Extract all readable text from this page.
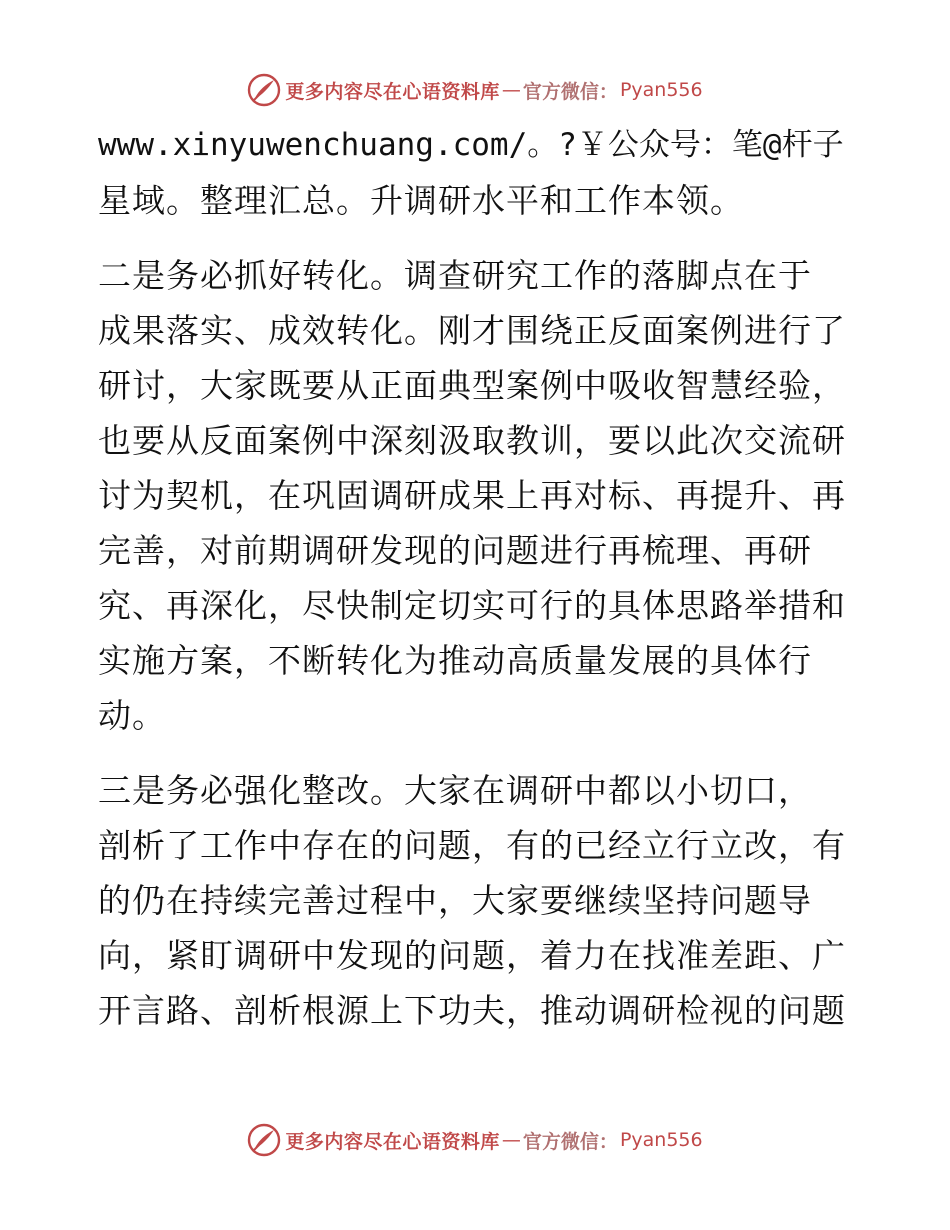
更多内容尽在心语资料库 — 官方微信： Pyan556

www.xinyuwenchuang.com/。?￥公众号：笔@杆子
星域。整理汇总。升调研水平和工作本领。

二是务必抓好转化。调查研究工作的落脚点在于
成果落实、成效转化。刚才围绕正反面案例进行了
研讨，大家既要从正面典型案例中吸收智慧经验，
也要从反面案例中深刻汲取教训，要以此次交流研
讨为契机，在巩固调研成果上再对标、再提升、再
完善，对前期调研发现的问题进行再梳理、再研
究、再深化，尽快制定切实可行的具体思路举措和
实施方案，不断转化为推动高质量发展的具体行
动。

三是务必强化整改。大家在调研中都以小切口，
剖析了工作中存在的问题，有的已经立行立改，有
的仍在持续完善过程中，大家要继续坚持问题导
向，紧盯调研中发现的问题，着力在找准差距、广
开言路、剖析根源上下功夫，推动调研检视的问题

更多内容尽在心语资料库 — 官方微信： Pyan556
